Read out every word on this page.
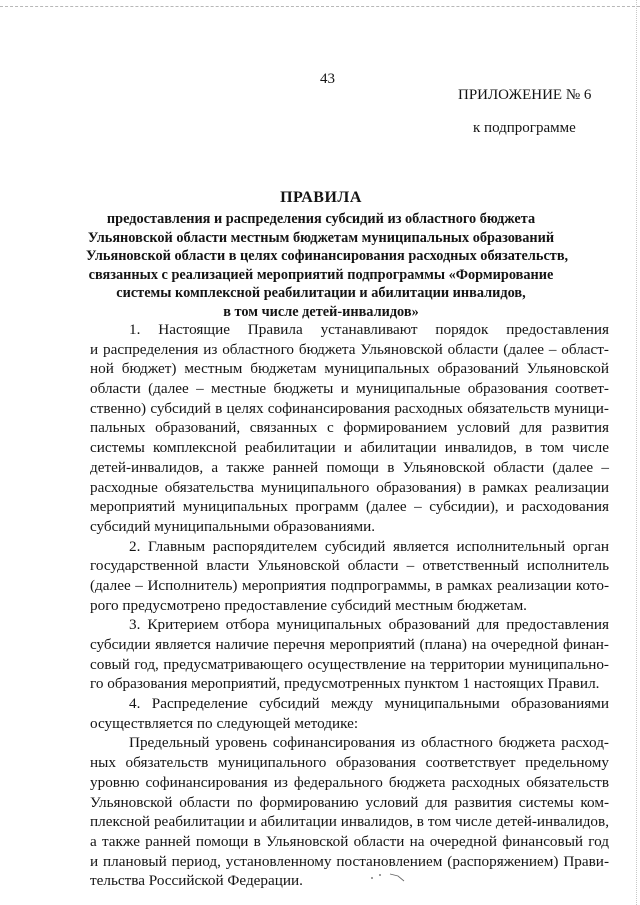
43
ПРИЛОЖЕНИЕ № 6
к подпрограмме
ПРАВИЛА
предоставления и распределения субсидий из областного бюджета
Ульяновской области местным бюджетам муниципальных образований
Ульяновской области в целях софинансирования расходных обязательств,
связанных с реализацией мероприятий подпрограммы «Формирование
системы комплексной реабилитации и абилитации инвалидов,
в том числе детей-инвалидов»
1. Настоящие Правила устанавливают порядок предоставления
и распределения из областного бюджета Ульяновской области (далее – област-
ной бюджет) местным бюджетам муниципальных образований Ульяновской
области (далее – местные бюджеты и муниципальные образования соответ-
ственно) субсидий в целях софинансирования расходных обязательств муници-
пальных образований, связанных с формированием условий для развития
системы комплексной реабилитации и абилитации инвалидов, в том числе
детей-инвалидов, а также ранней помощи в Ульяновской области (далее –
расходные обязательства муниципального образования) в рамках реализации
мероприятий муниципальных программ (далее – субсидии), и расходования
субсидий муниципальными образованиями.
2. Главным распорядителем субсидий является исполнительный орган
государственной власти Ульяновской области – ответственный исполнитель
(далее – Исполнитель) мероприятия подпрограммы, в рамках реализации кото-
рого предусмотрено предоставление субсидий местным бюджетам.
3. Критерием отбора муниципальных образований для предоставления
субсидии является наличие перечня мероприятий (плана) на очередной финан-
совый год, предусматривающего осуществление на территории муниципально-
го образования мероприятий, предусмотренных пунктом 1 настоящих Правил.
4. Распределение субсидий между муниципальными образованиями
осуществляется по следующей методике:
Предельный уровень софинансирования из областного бюджета расход-
ных обязательств муниципального образования соответствует предельному
уровню софинансирования из федерального бюджета расходных обязательств
Ульяновской области по формированию условий для развития системы ком-
плексной реабилитации и абилитации инвалидов, в том числе детей-инвалидов,
а также ранней помощи в Ульяновской области на очередной финансовый год
и плановый период, установленному постановлением (распоряжением) Прави-
тельства Российской Федерации.
